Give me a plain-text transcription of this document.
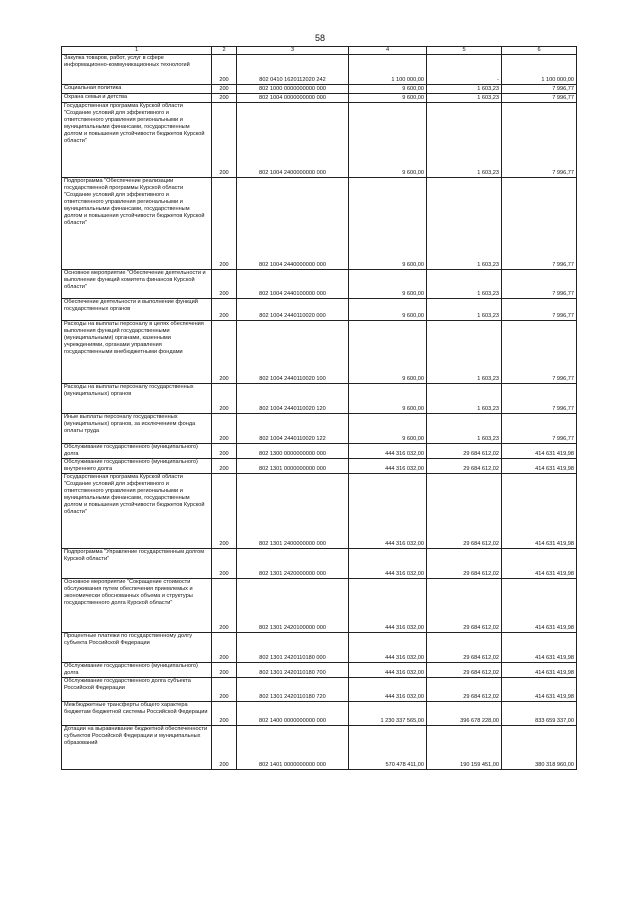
58
1	2	3	4	5	6
Закупка товаров, работ, услуг в сфере информационно-коммуникационных технологий	200	802 0410 1620112020 242	1 100 000,00	-	1 100 000,00
Социальная политика	200	802 1000 0000000000 000	9 600,00	1 603,23	7 996,77
Охрана семьи и детства	200	802 1004 0000000000 000	9 600,00	1 603,23	7 996,77
Государственная программа Курской области "Создание условий для эффективного и ответственного управления региональными и муниципальными финансами, государственным долгом и повышения устойчивости бюджетов Курской области"	200	802 1004 2400000000 000	9 600,00	1 603,23	7 996,77
Подпрограмма "Обеспечение реализации государственной программы Курской области "Создание условий для эффективного и ответственного управления региональными и муниципальными финансами, государственным долгом и повышения устойчивости бюджетов Курской области"	200	802 1004 2440000000 000	9 600,00	1 603,23	7 996,77
Основное мероприятие "Обеспечение деятельности и выполнение функций комитета финансов Курской области"	200	802 1004 2440100000 000	9 600,00	1 603,23	7 996,77
Обеспечение деятельности и выполнение функций государственных органов	200	802 1004 2440110020 000	9 600,00	1 603,23	7 996,77
Расходы на выплаты персоналу в целях обеспечения выполнения функций государственными (муниципальными) органами, казенными учреждениями, органами управления государственными внебюджетными фондами	200	802 1004 2440110020 100	9 600,00	1 603,23	7 996,77
Расходы на выплаты персоналу государственных (муниципальных) органов	200	802 1004 2440110020 120	9 600,00	1 603,23	7 996,77
Иные выплаты персоналу государственных (муниципальных) органов, за исключением фонда оплаты труда	200	802 1004 2440110020 122	9 600,00	1 603,23	7 996,77
Обслуживание государственного (муниципального) долга	200	802 1300 0000000000 000	444 316 032,00	29 684 612,02	414 631 419,98
Обслуживание государственного (муниципального) внутреннего долга	200	802 1301 0000000000 000	444 316 032,00	29 684 612,02	414 631 419,98
Государственная программа Курской области "Создание условий для эффективного и ответственного управления региональными и муниципальными финансами, государственным долгом и повышения устойчивости бюджетов Курской области"	200	802 1301 2400000000 000	444 316 032,00	29 684 612,02	414 631 419,98
Подпрограмма "Управление государственным долгом Курской области"	200	802 1301 2420000000 000	444 316 032,00	29 684 612,02	414 631 419,98
Основное мероприятие "Сокращение стоимости обслуживания путем обеспечения приемлемых и экономически обоснованных объема и структуры государственного долга Курской области"	200	802 1301 2420100000 000	444 316 032,00	29 684 612,02	414 631 419,98
Процентные платежи по государственному долгу субъекта Российской Федерации	200	802 1301 2420110180 000	444 316 032,00	29 684 612,02	414 631 419,98
Обслуживание государственного (муниципального) долга	200	802 1301 2420110180 700	444 316 032,00	29 684 612,02	414 631 419,98
Обслуживание государственного долга субъекта Российской Федерации	200	802 1301 2420110180 720	444 316 032,00	29 684 612,02	414 631 419,98
Межбюджетные трансферты общего характера бюджетам бюджетной системы Российской Федерации	200	802 1400 0000000000 000	1 230 337 565,00	396 678 228,00	833 659 337,00
Дотации на выравнивание бюджетной обеспеченности субъектов Российской Федерации и муниципальных образований	200	802 1401 0000000000 000	570 478 411,00	190 159 451,00	380 318 960,00
